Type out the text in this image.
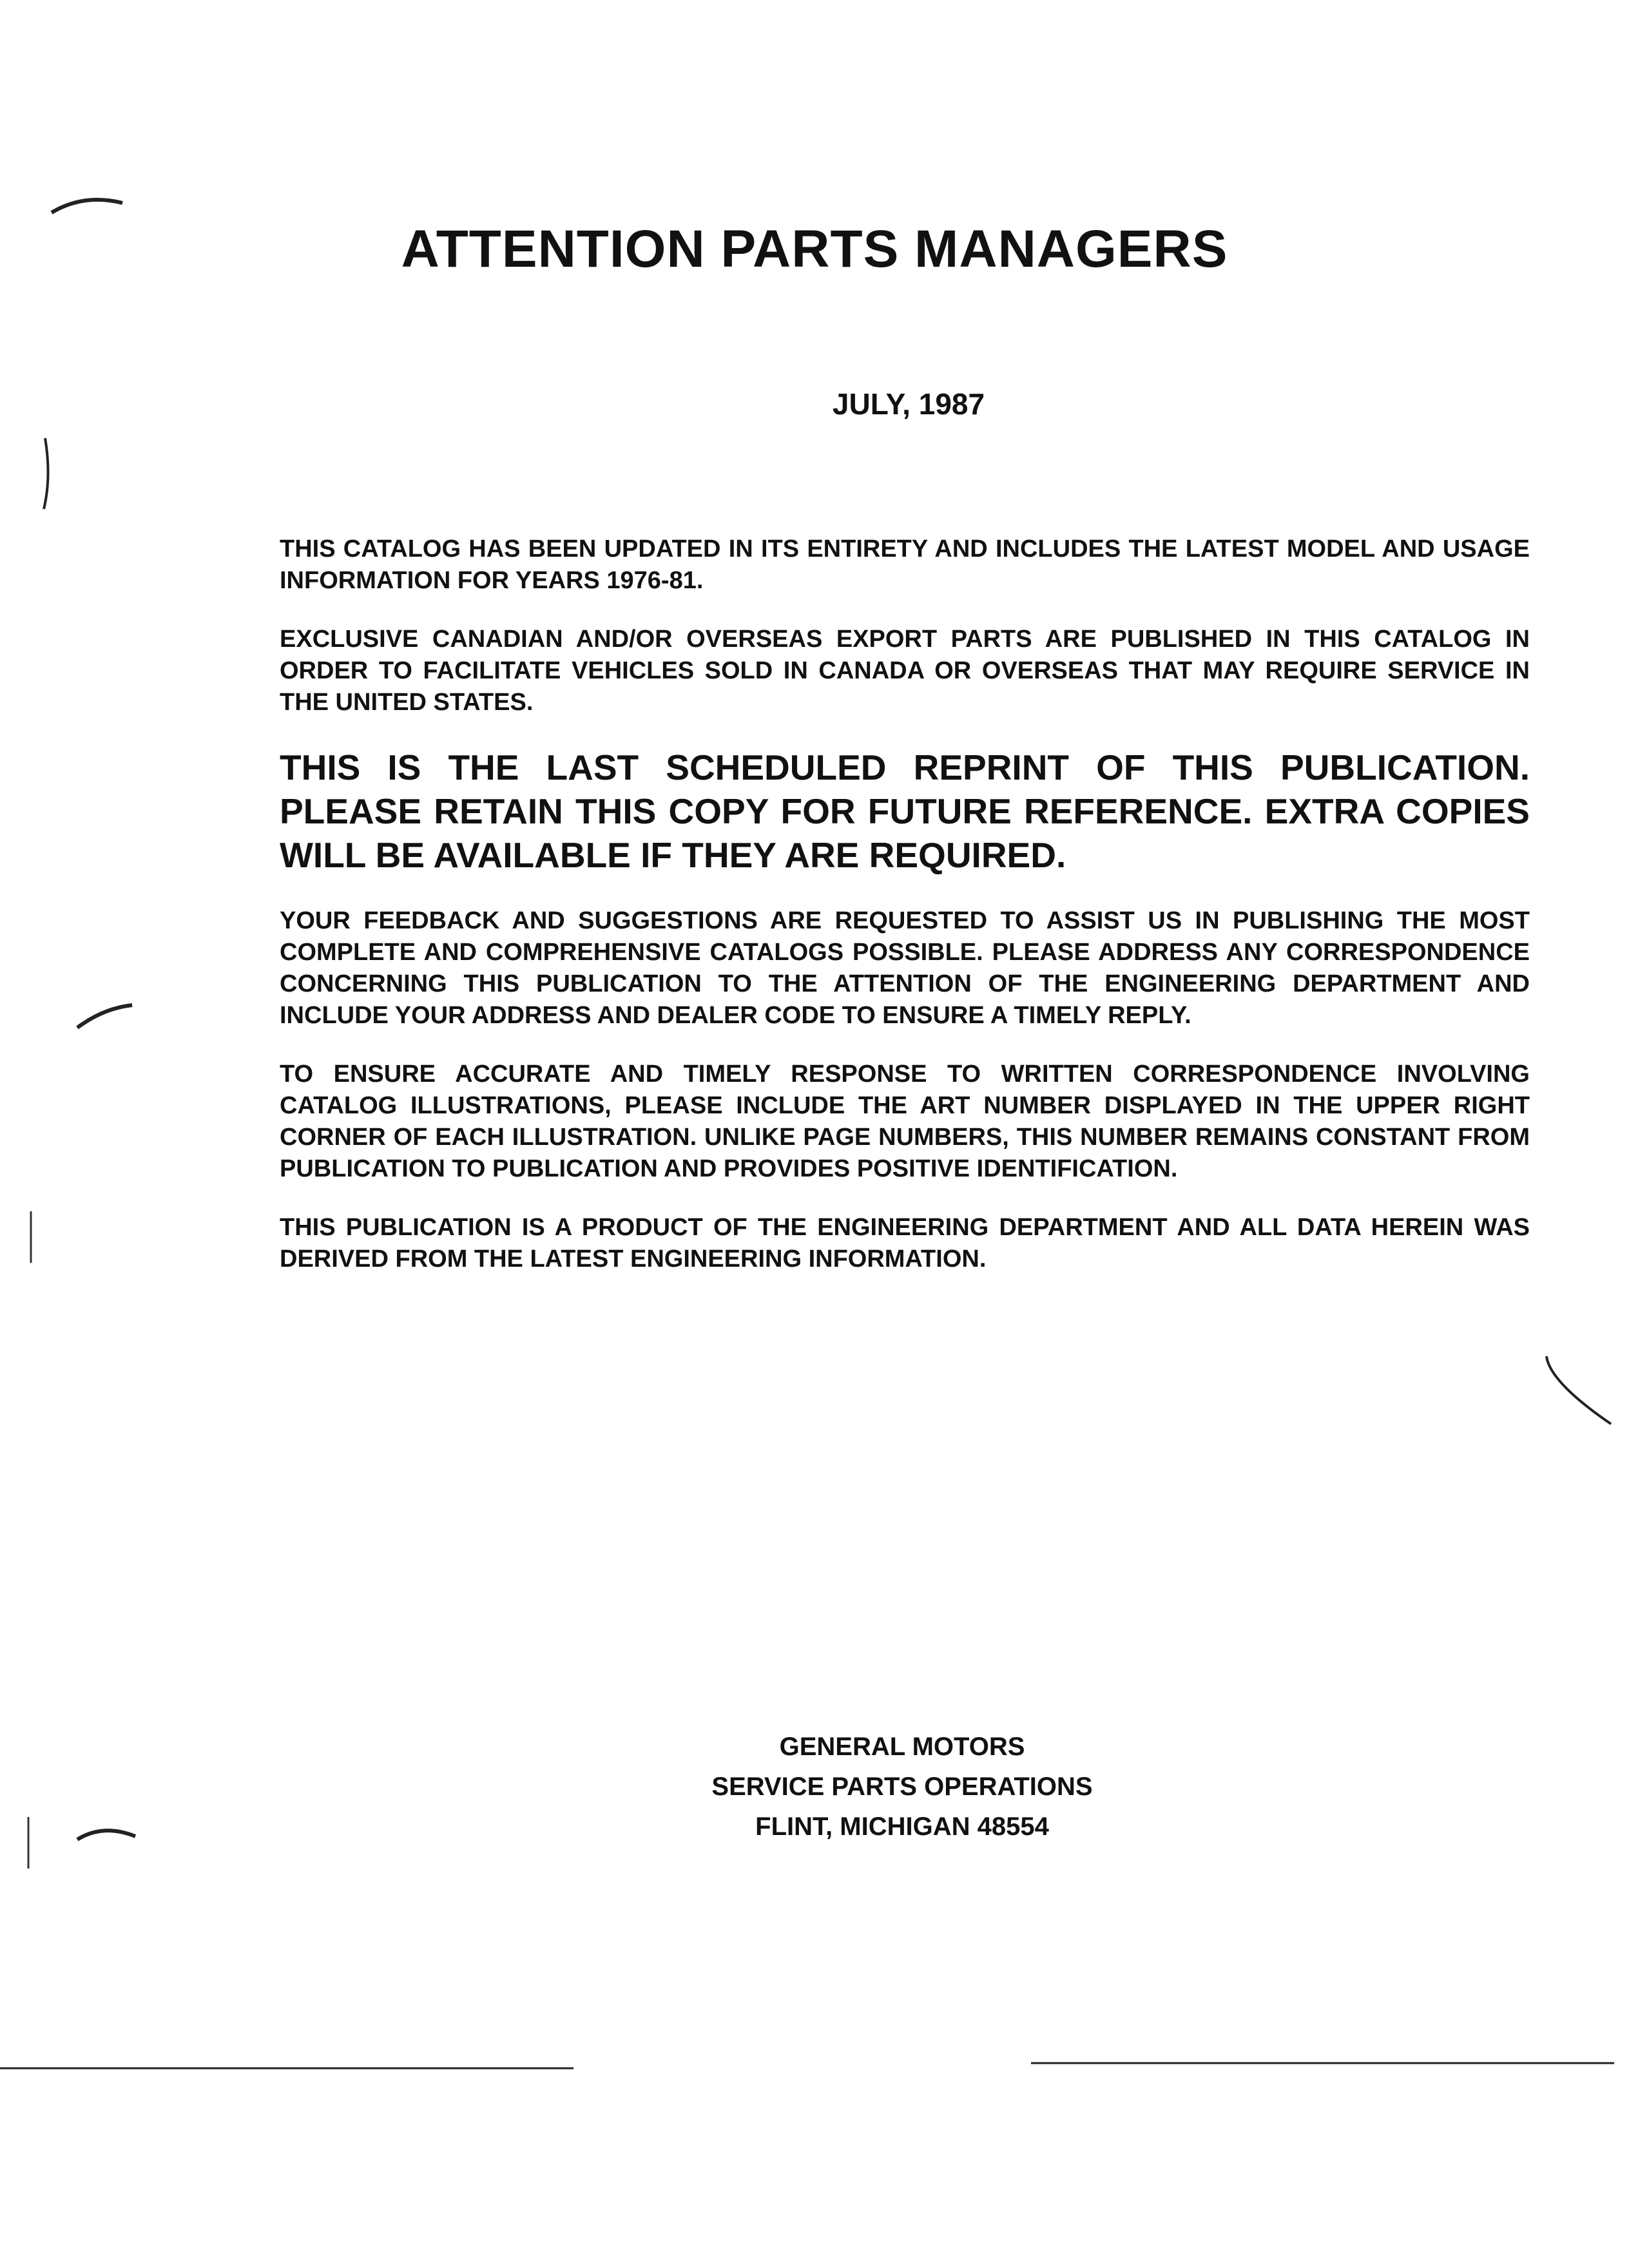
ATTENTION PARTS MANAGERS
JULY, 1987

THIS CATALOG HAS BEEN UPDATED IN ITS ENTIRETY AND INCLUDES THE LATEST MODEL AND USAGE INFORMATION FOR YEARS 1976-81.

EXCLUSIVE CANADIAN AND/OR OVERSEAS EXPORT PARTS ARE PUBLISHED IN THIS CATALOG IN ORDER TO FACILITATE VEHICLES SOLD IN CANADA OR OVERSEAS THAT MAY REQUIRE SERVICE IN THE UNITED STATES.

THIS IS THE LAST SCHEDULED REPRINT OF THIS PUBLICATION. PLEASE RETAIN THIS COPY FOR FUTURE REFERENCE. EXTRA COPIES WILL BE AVAILABLE IF THEY ARE REQUIRED.

YOUR FEEDBACK AND SUGGESTIONS ARE REQUESTED TO ASSIST US IN PUBLISHING THE MOST COMPLETE AND COMPREHENSIVE CATALOGS POSSIBLE. PLEASE ADDRESS ANY CORRESPONDENCE CONCERNING THIS PUBLICATION TO THE ATTENTION OF THE ENGINEERING DEPARTMENT AND INCLUDE YOUR ADDRESS AND DEALER CODE TO ENSURE A TIMELY REPLY.

TO ENSURE ACCURATE AND TIMELY RESPONSE TO WRITTEN CORRESPONDENCE INVOLVING CATALOG ILLUSTRATIONS, PLEASE INCLUDE THE ART NUMBER DISPLAYED IN THE UPPER RIGHT CORNER OF EACH ILLUSTRATION. UNLIKE PAGE NUMBERS, THIS NUMBER REMAINS CONSTANT FROM PUBLICATION TO PUBLICATION AND PROVIDES POSITIVE IDENTIFICATION.

THIS PUBLICATION IS A PRODUCT OF THE ENGINEERING DEPARTMENT AND ALL DATA HEREIN WAS DERIVED FROM THE LATEST ENGINEERING INFORMATION.

GENERAL MOTORS
SERVICE PARTS OPERATIONS
FLINT, MICHIGAN 48554
